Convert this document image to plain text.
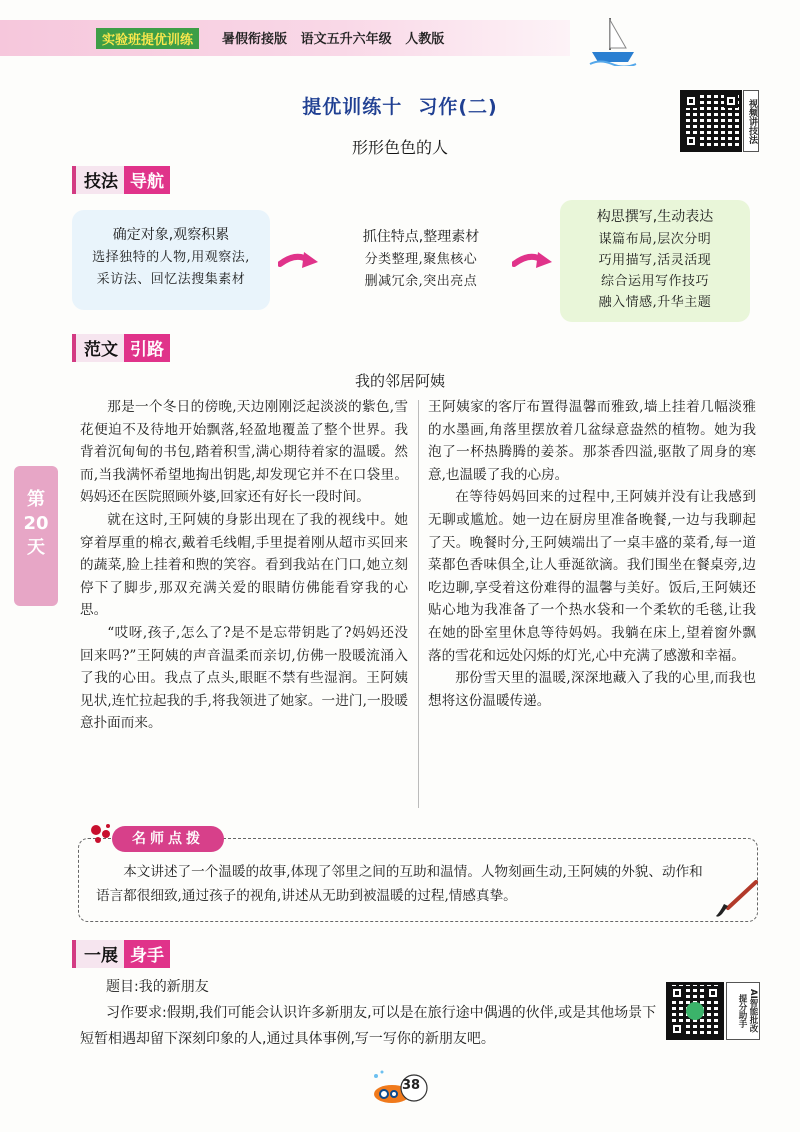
实验班提优训练	暑假衔接版 语文五升六年级 人教版
提优训练十 习作(二)
形形色色的人
视频讲技法
技法 导航
确定对象,观察积累
选择独特的人物,用观察法,
采访法、回忆法搜集素材
抓住特点,整理素材
分类整理,聚焦核心
删减冗余,突出亮点
构思撰写,生动表达
谋篇布局,层次分明
巧用描写,活灵活现
综合运用写作技巧
融入情感,升华主题
范文 引路
我的邻居阿姨

那是一个冬日的傍晚,天边刚刚泛起淡淡的紫色,雪花便迫不及待地开始飘落,轻盈地覆盖了整个世界。我背着沉甸甸的书包,踏着积雪,满心期待着家的温暖。然而,当我满怀希望地掏出钥匙,却发现它并不在口袋里。妈妈还在医院照顾外婆,回家还有好长一段时间。

就在这时,王阿姨的身影出现在了我的视线中。她穿着厚重的棉衣,戴着毛线帽,手里提着刚从超市买回来的蔬菜,脸上挂着和煦的笑容。看到我站在门口,她立刻停下了脚步,那双充满关爱的眼睛仿佛能看穿我的心思。

“哎呀,孩子,怎么了?是不是忘带钥匙了?妈妈还没回来吗?”王阿姨的声音温柔而亲切,仿佛一股暖流涌入了我的心田。我点了点头,眼眶不禁有些湿润。王阿姨见状,连忙拉起我的手,将我领进了她家。一进门,一股暖意扑面而来。

王阿姨家的客厅布置得温馨而雅致,墙上挂着几幅淡雅的水墨画,角落里摆放着几盆绿意盎然的植物。她为我泡了一杯热腾腾的姜茶。那茶香四溢,驱散了周身的寒意,也温暖了我的心房。

在等待妈妈回来的过程中,王阿姨并没有让我感到无聊或尴尬。她一边在厨房里准备晚餐,一边与我聊起了天。晚餐时分,王阿姨端出了一桌丰盛的菜肴,每一道菜都色香味俱全,让人垂涎欲滴。我们围坐在餐桌旁,边吃边聊,享受着这份难得的温馨与美好。饭后,王阿姨还贴心地为我准备了一个热水袋和一个柔软的毛毯,让我在她的卧室里休息等待妈妈。我躺在床上,望着窗外飘落的雪花和远处闪烁的灯光,心中充满了感激和幸福。

那份雪天里的温暖,深深地藏入了我的心里,而我也想将这份温暖传递。

第
20
天
名师点拨

本文讲述了一个温暖的故事,体现了邻里之间的互助和温情。人物刻画生动,王阿姨的外貌、动作和语言都很细致,通过孩子的视角,讲述从无助到被温暖的过程,情感真挚。

一展 身手
题目:我的新朋友
习作要求:假期,我们可能会认识许多新朋友,可以是在旅行途中偶遇的伙伴,或是其他场景下短暂相遇却留下深刻印象的人,通过具体事例,写一写你的新朋友吧。
AI智能批改 提分助手
38
